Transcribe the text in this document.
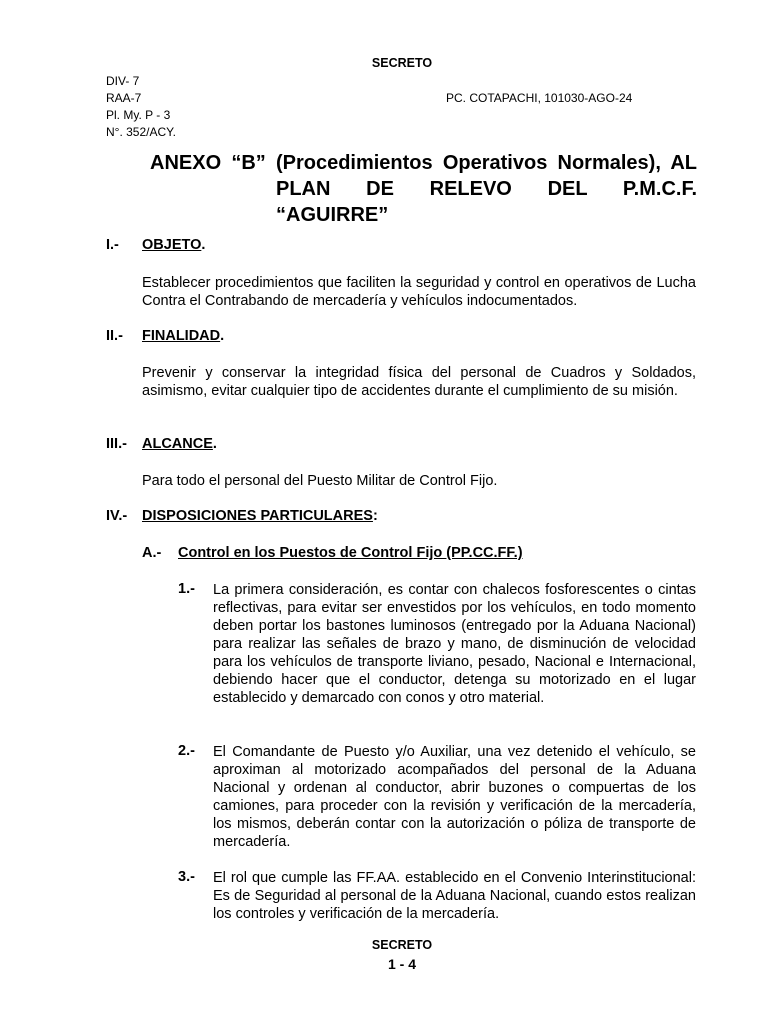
SECRETO
DIV- 7
RAA-7
Pl. My. P - 3
N°. 352/ACY.
PC. COTAPACHI, 101030-AGO-24
ANEXO “B” (Procedimientos Operativos Normales), AL
PLAN DE RELEVO DEL P.M.C.F.
“AGUIRRE”
I.- OBJETO.
Establecer procedimientos que faciliten la seguridad y control en operativos de Lucha Contra el Contrabando de mercadería y vehículos indocumentados.
II.- FINALIDAD.
Prevenir y conservar la integridad física del personal de Cuadros y Soldados, asimismo, evitar cualquier tipo de accidentes durante el cumplimiento de su misión.
III.- ALCANCE.
Para todo el personal del Puesto Militar de Control Fijo.
IV.- DISPOSICIONES PARTICULARES:
A.- Control en los Puestos de Control Fijo (PP.CC.FF.)
1.- La primera consideración, es contar con chalecos fosforescentes o cintas reflectivas, para evitar ser envestidos por los vehículos, en todo momento deben portar los bastones luminosos (entregado por la Aduana Nacional) para realizar las señales de brazo y mano, de disminución de velocidad para los vehículos de transporte liviano, pesado, Nacional e Internacional, debiendo hacer que el conductor, detenga su motorizado en el lugar establecido y demarcado con conos y otro material.
2.- El Comandante de Puesto y/o Auxiliar, una vez detenido el vehículo, se aproximan al motorizado acompañados del personal de la Aduana Nacional y ordenan al conductor, abrir buzones o compuertas de los camiones, para proceder con la revisión y verificación de la mercadería, los mismos, deberán contar con la autorización o póliza de transporte de mercadería.
3.- El rol que cumple las FF.AA. establecido en el Convenio Interinstitucional: Es de Seguridad al personal de la Aduana Nacional, cuando estos realizan los controles y verificación de la mercadería.
SECRETO
1 - 4
